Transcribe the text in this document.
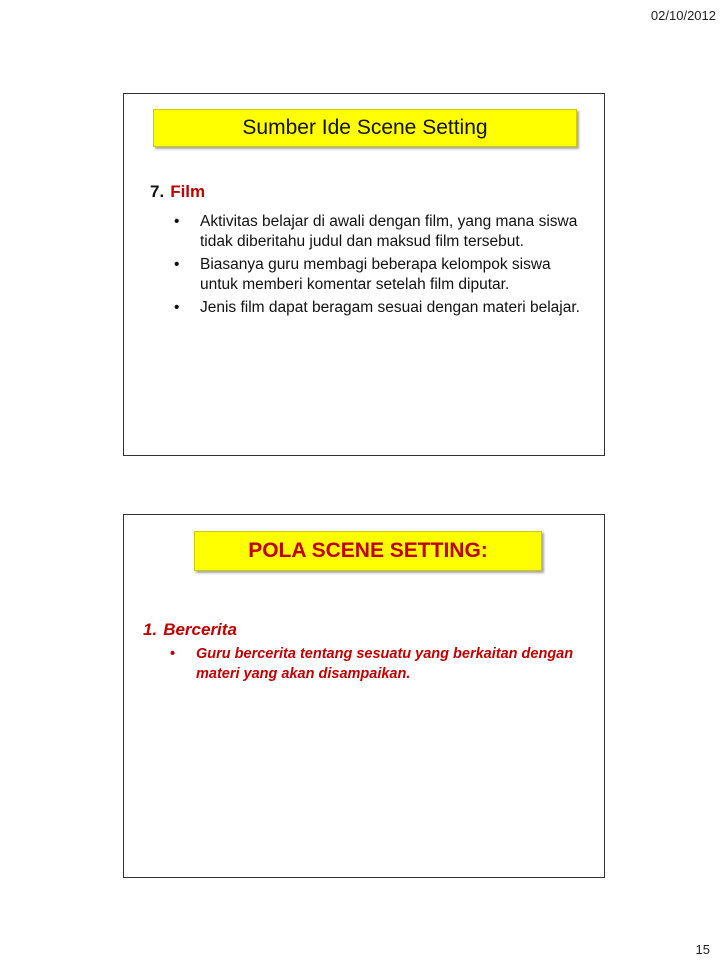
02/10/2012
Sumber Ide Scene Setting
7. Film
• Aktivitas belajar di awali dengan film, yang mana siswa tidak diberitahu judul dan maksud film tersebut.
• Biasanya guru membagi beberapa kelompok siswa untuk memberi komentar setelah film diputar.
• Jenis film dapat beragam sesuai dengan materi belajar.
POLA SCENE SETTING:
1. Bercerita
• Guru bercerita tentang sesuatu yang berkaitan dengan materi yang akan disampaikan.
15
